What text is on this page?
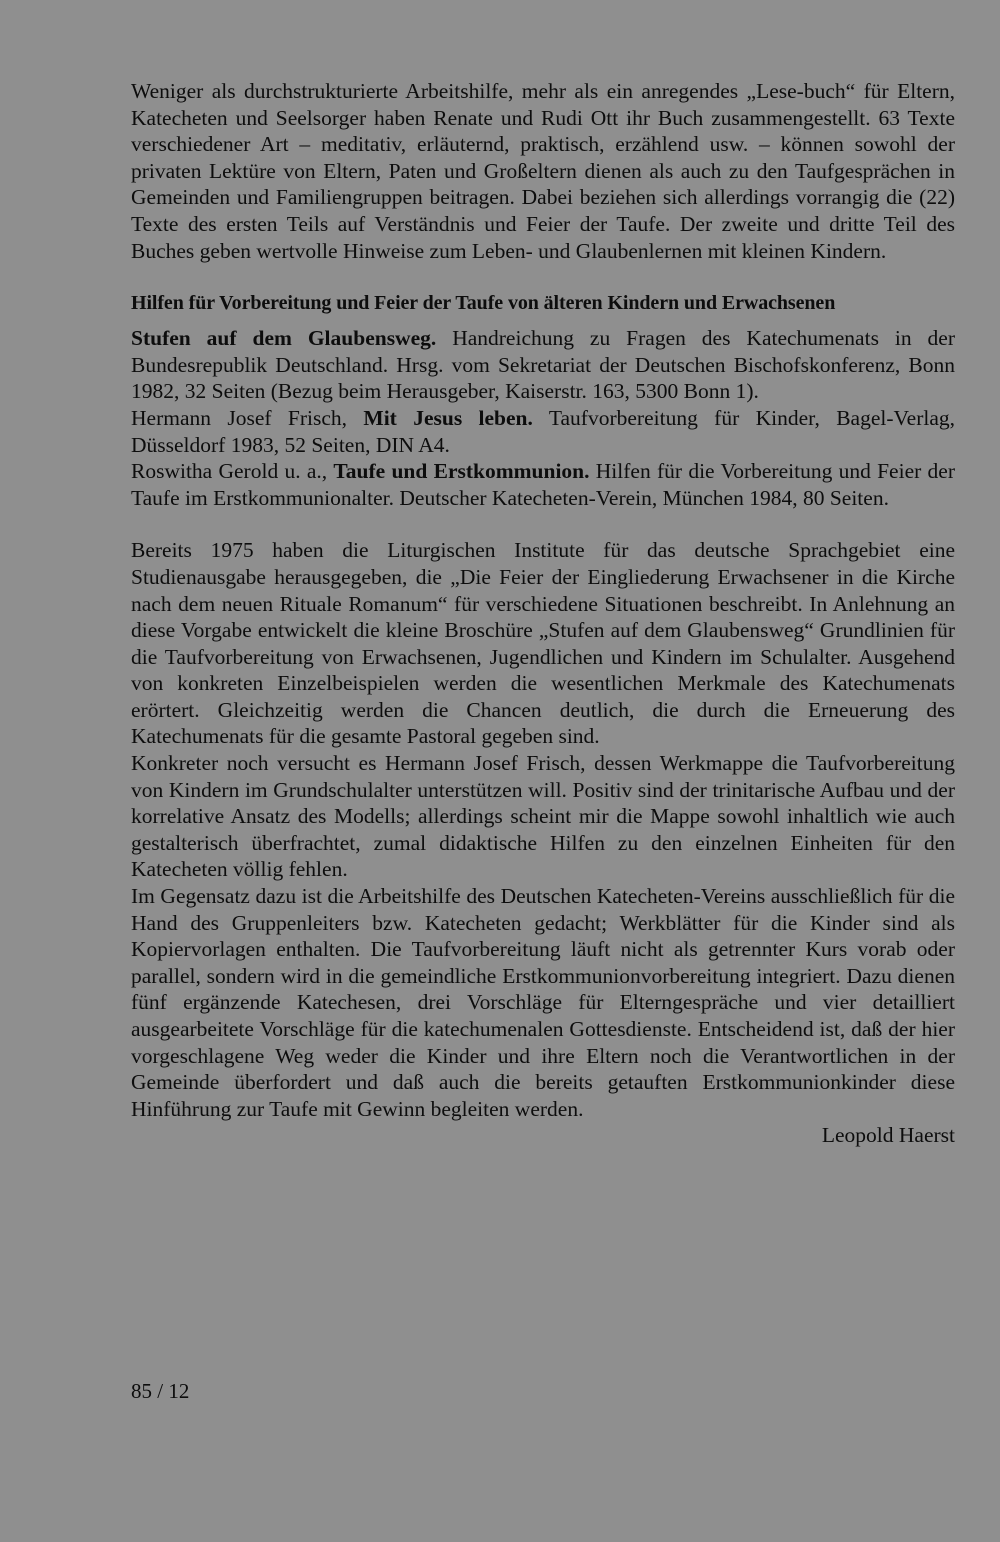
Weniger als durchstrukturierte Arbeitshilfe, mehr als ein anregendes „Lese-buch“ für Eltern, Katecheten und Seelsorger haben Renate und Rudi Ott ihr Buch zusammengestellt. 63 Texte verschiedener Art – meditativ, erläuternd, praktisch, erzählend usw. – können sowohl der privaten Lektüre von Eltern, Paten und Großeltern dienen als auch zu den Taufgesprächen in Gemeinden und Familiengruppen beitragen. Dabei beziehen sich allerdings vorrangig die (22) Texte des ersten Teils auf Verständnis und Feier der Taufe. Der zweite und dritte Teil des Buches geben wertvolle Hinweise zum Leben- und Glaubenlernen mit kleinen Kindern.

Hilfen für Vorbereitung und Feier der Taufe von älteren Kindern und Erwachsenen

Stufen auf dem Glaubensweg. Handreichung zu Fragen des Katechumenats in der Bundesrepublik Deutschland. Hrsg. vom Sekretariat der Deutschen Bischofskonferenz, Bonn 1982, 32 Seiten (Bezug beim Herausgeber, Kaiserstr. 163, 5300 Bonn 1).

Hermann Josef Frisch, Mit Jesus leben. Taufvorbereitung für Kinder, Bagel-Verlag, Düsseldorf 1983, 52 Seiten, DIN A4.

Roswitha Gerold u. a., Taufe und Erstkommunion. Hilfen für die Vorbereitung und Feier der Taufe im Erstkommunionalter. Deutscher Katecheten-Verein, München 1984, 80 Seiten.

Bereits 1975 haben die Liturgischen Institute für das deutsche Sprachgebiet eine Studienausgabe herausgegeben, die „Die Feier der Eingliederung Erwachsener in die Kirche nach dem neuen Rituale Romanum“ für verschiedene Situationen beschreibt. In Anlehnung an diese Vorgabe entwickelt die kleine Broschüre „Stufen auf dem Glaubensweg“ Grundlinien für die Taufvorbereitung von Erwachsenen, Jugendlichen und Kindern im Schulalter. Ausgehend von konkreten Einzelbeispielen werden die wesentlichen Merkmale des Katechumenats erörtert. Gleichzeitig werden die Chancen deutlich, die durch die Erneuerung des Katechumenats für die gesamte Pastoral gegeben sind.

Konkreter noch versucht es Hermann Josef Frisch, dessen Werkmappe die Taufvorbereitung von Kindern im Grundschulalter unterstützen will. Positiv sind der trinitarische Aufbau und der korrelative Ansatz des Modells; allerdings scheint mir die Mappe sowohl inhaltlich wie auch gestalterisch überfrachtet, zumal didaktische Hilfen zu den einzelnen Einheiten für den Katecheten völlig fehlen.

Im Gegensatz dazu ist die Arbeitshilfe des Deutschen Katecheten-Vereins ausschließlich für die Hand des Gruppenleiters bzw. Katecheten gedacht; Werkblätter für die Kinder sind als Kopiervorlagen enthalten. Die Taufvorbereitung läuft nicht als getrennter Kurs vorab oder parallel, sondern wird in die gemeindliche Erstkommunionvorbereitung integriert. Dazu dienen fünf ergänzende Katechesen, drei Vorschläge für Elterngespräche und vier detailliert ausgearbeitete Vorschläge für die katechumenalen Gottesdienste. Entscheidend ist, daß der hier vorgeschlagene Weg weder die Kinder und ihre Eltern noch die Verantwortlichen in der Gemeinde überfordert und daß auch die bereits getauften Erstkommunionkinder diese Hinführung zur Taufe mit Gewinn begleiten werden.

Leopold Haerst

85 / 12
